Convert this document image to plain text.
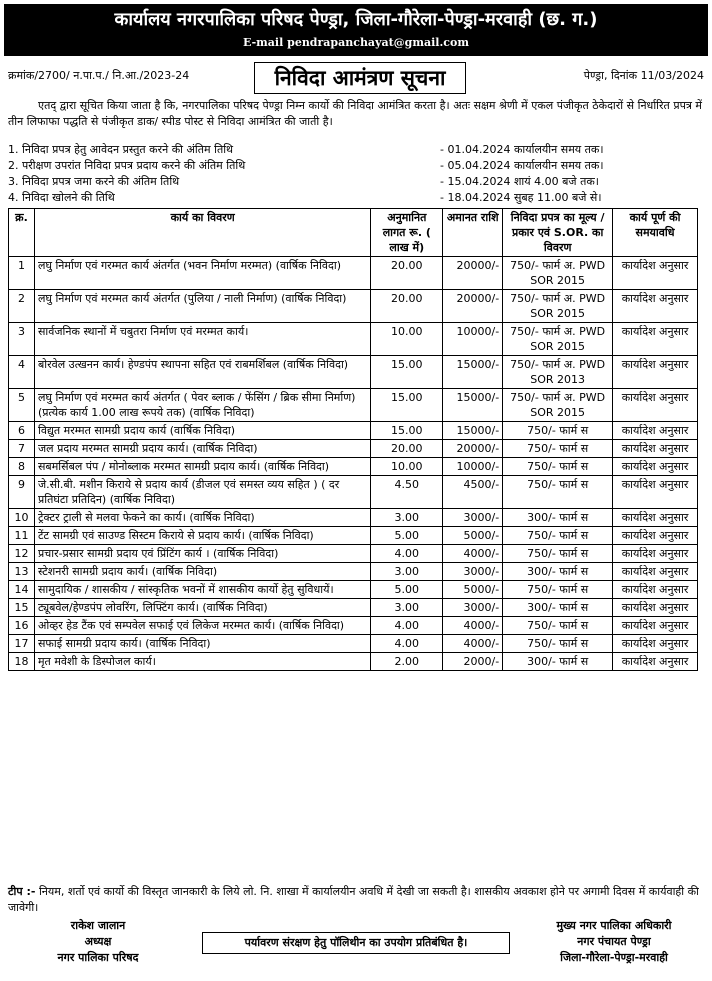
कार्यालय नगरपालिका परिषद पेण्ड्रा, जिला-गौरेला-पेण्ड्रा-मरवाही (छ. ग.)
E-mail pendrapanchayat@gmail.com
क्रमांक/2700/ न.पा.प./ नि.आ./2023-24	निविदा आमंत्रण सूचना	पेण्ड्रा, दिनांक 11/03/2024
एतद् द्वारा सूचित किया जाता है कि, नगरपालिका परिषद पेण्ड्रा निम्न कार्यो की निविदा आमंत्रित करता है। अतः सक्षम श्रेणी में एकल पंजीकृत ठेकेदारों से निर्धारित प्रपत्र में तीन लिफाफा पद्धति से पंजीकृत डाक/ स्पीड पोस्ट से निविदा आमंत्रित की जाती है।
1. निविदा प्रपत्र हेतु आवेदन प्रस्तुत करने की अंतिम तिथि	- 01.04.2024 कार्यालयीन समय तक।
2. परीक्षण उपरांत निविदा प्रपत्र प्रदाय करने की अंतिम तिथि	- 05.04.2024 कार्यालयीन समय तक।
3. निविदा प्रपत्र जमा करने की अंतिम तिथि	- 15.04.2024 शायं 4.00 बजे तक।
4. निविदा खोलने की तिथि	- 18.04.2024 सुबह 11.00 बजे से।
क्र.	कार्य का विवरण	अनुमानित लागत रू. ( लाख में)	अमानत राशि	निविदा प्रपत्र का मूल्य / प्रकार एवं S.OR. का विवरण	कार्य पूर्ण की समयावधि
1	लघु निर्माण एवं गरम्मत कार्य अंतर्गत (भवन निर्माण मरम्मत) (वार्षिक निविदा)	20.00	20000/-	750/- फार्म अ. PWD SOR 2015	कार्यादेश अनुसार
2	लघु निर्माण एवं मरम्मत कार्य अंतर्गत (पुलिया / नाली निर्माण) (वार्षिक निविदा)	20.00	20000/-	750/- फार्म अ. PWD SOR 2015	कार्यादेश अनुसार
3	सार्वजनिक स्थानों में चबुतरा निर्माण एवं मरम्मत कार्य।	10.00	10000/-	750/- फार्म अ. PWD SOR 2015	कार्यादेश अनुसार
4	बोरवेल उत्खनन कार्य। हेण्डपंप स्थापना सहित एवं राबमर्शिबल (वार्षिक निविदा)	15.00	15000/-	750/- फार्म अ. PWD SOR 2013	कार्यादेश अनुसार
5	लघु निर्माण एवं मरम्मत कार्य अंतर्गत ( पेवर ब्लाक / फेंसिंग / ब्रिक सीमा निर्माण) (प्रत्येक कार्य 1.00 लाख रूपये तक) (वार्षिक निविदा)	15.00	15000/-	750/- फार्म अ. PWD SOR 2015	कार्यादेश अनुसार
6	विद्युत मरम्मत सामग्री प्रदाय कार्य (वार्षिक निविदा)	15.00	15000/-	750/- फार्म स	कार्यादेश अनुसार
7	जल प्रदाय मरम्मत सामग्री प्रदाय कार्य। (वार्षिक निविदा)	20.00	20000/-	750/- फार्म स	कार्यादेश अनुसार
8	सबमर्सिबल पंप / मोनोब्लाक मरम्मत सामग्री प्रदाय कार्य। (वार्षिक निविदा)	10.00	10000/-	750/- फार्म स	कार्यादेश अनुसार
9	जे.सी.बी. मशीन किराये से प्रदाय कार्य (डीजल एवं समस्त व्यय सहित ) ( दर प्रतिघंटा प्रतिदिन) (वार्षिक निविदा)	4.50	4500/-	750/- फार्म स	कार्यादेश अनुसार
10	ट्रेक्टर ट्राली से मलवा फेकने का कार्य। (वार्षिक निविदा)	3.00	3000/-	300/- फार्म स	कार्यादेश अनुसार
11	टेंट सामग्री एवं साउण्ड सिस्टम किराये से प्रदाय कार्य। (वार्षिक निविदा)	5.00	5000/-	750/- फार्म स	कार्यादेश अनुसार
12	प्रचार-प्रसार सामग्री प्रदाय एवं प्रिंटिंग कार्य । (वार्षिक निविदा)	4.00	4000/-	750/- फार्म स	कार्यादेश अनुसार
13	स्टेशनरी सामग्री प्रदाय कार्य। (वार्षिक निविदा)	3.00	3000/-	300/- फार्म स	कार्यादेश अनुसार
14	सामुदायिक / शासकीय / सांस्कृतिक भवनों में शासकीय कार्यो हेतु सुविधायें।	5.00	5000/-	750/- फार्म स	कार्यादेश अनुसार
15	ट्यूबवेल/हेण्डपंप लोवरिंग, लिफ्टिंग कार्य। (वार्षिक निविदा)	3.00	3000/-	300/- फार्म स	कार्यादेश अनुसार
16	ओव्हर हेड टैंक एवं सम्पवेल सफाई एवं लिकेज मरम्मत कार्य। (वार्षिक निविदा)	4.00	4000/-	750/- फार्म स	कार्यादेश अनुसार
17	सफाई सामग्री प्रदाय कार्य। (वार्षिक निविदा)	4.00	4000/-	750/- फार्म स	कार्यादेश अनुसार
18	मृत मवेशी के डिस्पोजल कार्य।	2.00	2000/-	300/- फार्म स	कार्यादेश अनुसार
टीप :- नियम, शर्तो एवं कार्यो की विस्तृत जानकारी के लिये लो. नि. शाखा में कार्यालयीन अवधि में देखी जा सकती है। शासकीय अवकाश होने पर अगामी दिवस में कार्यवाही की जावेगी।
राकेश जालान
अध्यक्ष
नगर पालिका परिषद
पर्यावरण संरक्षण हेतु पॉलिथीन का उपयोग प्रतिबंधित है।
मुख्य नगर पालिका अधिकारी
नगर पंचायत पेण्ड्रा
जिला-गौरेला-पेण्ड्रा-मरवाही
